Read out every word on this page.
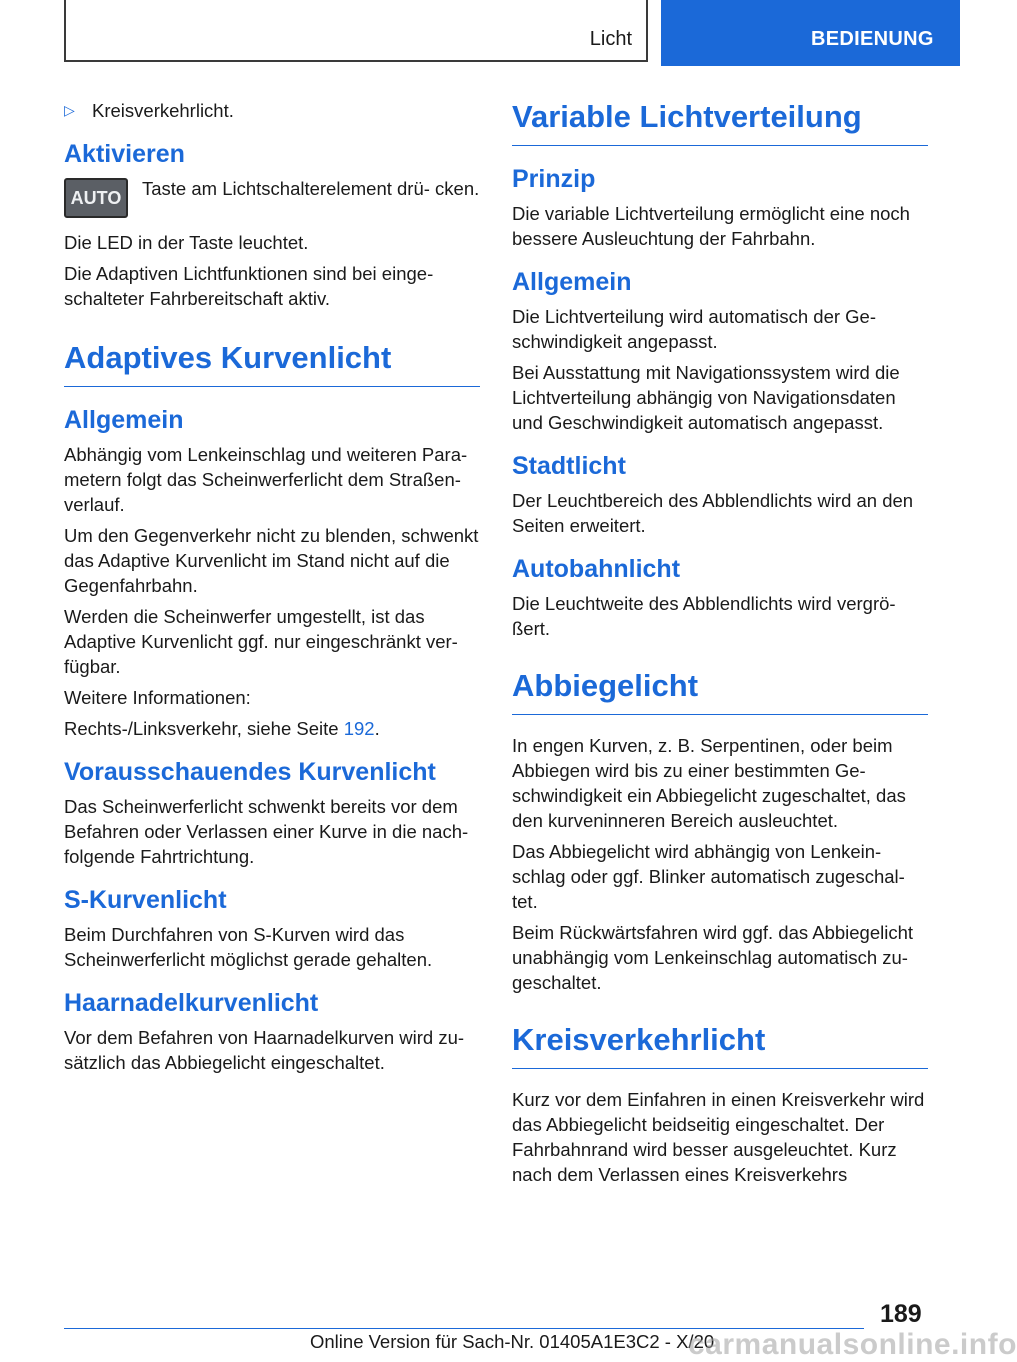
Licht	BEDIENUNG
▷ Kreisverkehrlicht.
Aktivieren
AUTO	Taste am Lichtschalterelement drü- cken.

Die LED in der Taste leuchtet.

Die Adaptiven Lichtfunktionen sind bei einge- schalteter Fahrbereitschaft aktiv.

Adaptives Kurvenlicht
Allgemein

Abhängig vom Lenkeinschlag und weiteren Para- metern folgt das Scheinwerferlicht dem Straßen- verlauf.

Um den Gegenverkehr nicht zu blenden, schwenkt das Adaptive Kurvenlicht im Stand nicht auf die Gegenfahrbahn.

Werden die Scheinwerfer umgestellt, ist das Adaptive Kurvenlicht ggf. nur eingeschränkt ver- fügbar.

Weitere Informationen:

Rechts-/Linksverkehr, siehe Seite 192.

Vorausschauendes Kurvenlicht

Das Scheinwerferlicht schwenkt bereits vor dem Befahren oder Verlassen einer Kurve in die nach- folgende Fahrtrichtung.

S-Kurvenlicht

Beim Durchfahren von S-Kurven wird das Scheinwerferlicht möglichst gerade gehalten.

Haarnadelkurvenlicht

Vor dem Befahren von Haarnadelkurven wird zu- sätzlich das Abbiegelicht eingeschaltet.

Variable Lichtverteilung
Prinzip

Die variable Lichtverteilung ermöglicht eine noch bessere Ausleuchtung der Fahrbahn.

Allgemein

Die Lichtverteilung wird automatisch der Ge- schwindigkeit angepasst.

Bei Ausstattung mit Navigationssystem wird die Lichtverteilung abhängig von Navigationsdaten und Geschwindigkeit automatisch angepasst.

Stadtlicht

Der Leuchtbereich des Abblendlichts wird an den Seiten erweitert.

Autobahnlicht

Die Leuchtweite des Abblendlichts wird vergrö- ßert.

Abbiegelicht

In engen Kurven, z. B. Serpentinen, oder beim Abbiegen wird bis zu einer bestimmten Ge- schwindigkeit ein Abbiegelicht zugeschaltet, das den kurveninneren Bereich ausleuchtet.

Das Abbiegelicht wird abhängig von Lenkein- schlag oder ggf. Blinker automatisch zugeschal- tet.

Beim Rückwärtsfahren wird ggf. das Abbiegelicht unabhängig vom Lenkeinschlag automatisch zu- geschaltet.

Kreisverkehrlicht

Kurz vor dem Einfahren in einen Kreisverkehr wird das Abbiegelicht beidseitig eingeschaltet. Der Fahrbahnrand wird besser ausgeleuchtet. Kurz nach dem Verlassen eines Kreisverkehrs

189
Online Version für Sach-Nr. 01405A1E3C2 - X/20
carmanualsonline.info
